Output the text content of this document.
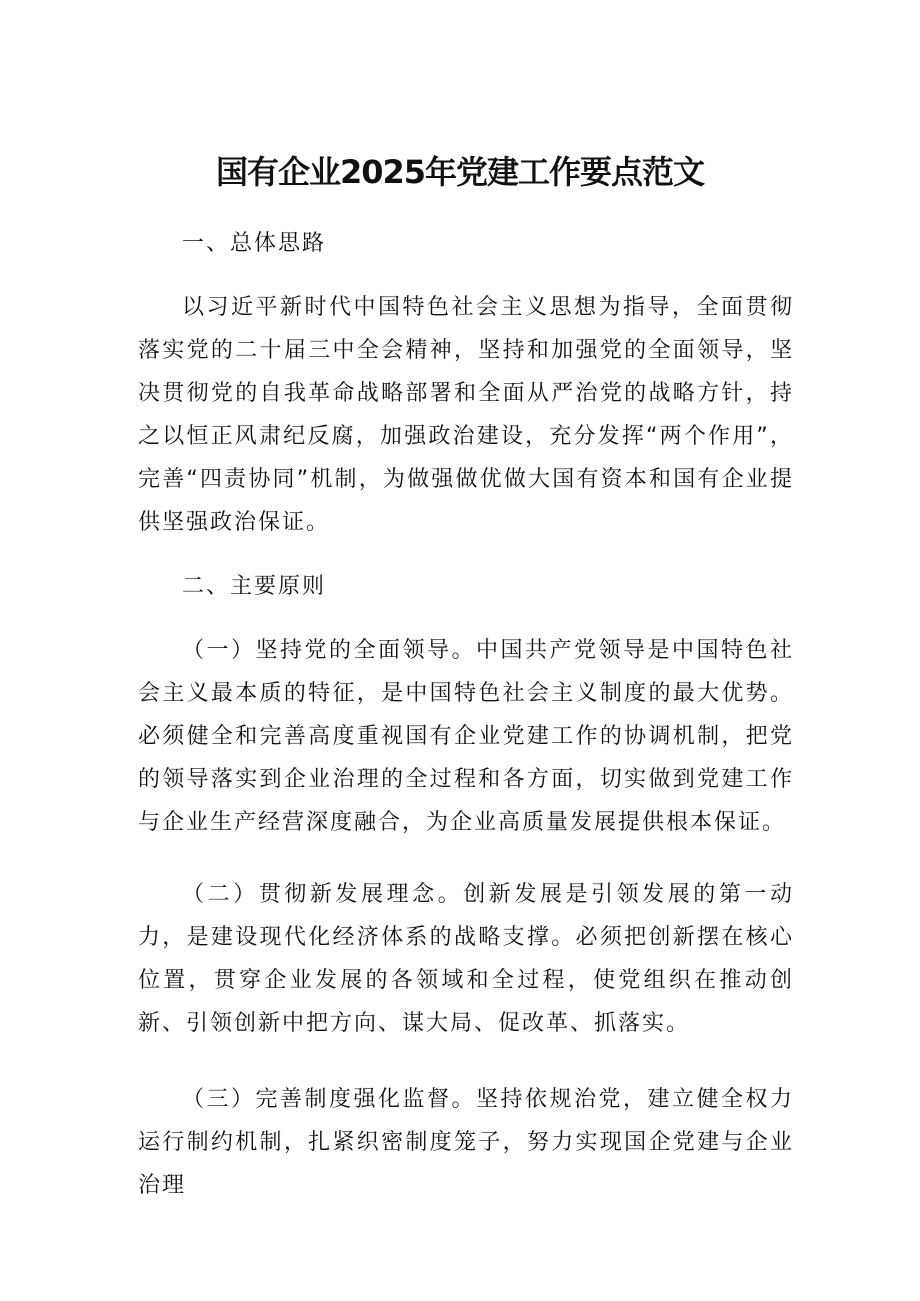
国有企业2025年党建工作要点范文

一、总体思路

以习近平新时代中国特色社会主义思想为指导，全面贯彻落实党的二十届三中全会精神，坚持和加强党的全面领导，坚决贯彻党的自我革命战略部署和全面从严治党的战略方针，持之以恒正风肃纪反腐，加强政治建设，充分发挥“两个作用”，完善“四责协同”机制，为做强做优做大国有资本和国有企业提供坚强政治保证。

二、主要原则

（一）坚持党的全面领导。中国共产党领导是中国特色社会主义最本质的特征，是中国特色社会主义制度的最大优势。必须健全和完善高度重视国有企业党建工作的协调机制，把党的领导落实到企业治理的全过程和各方面，切实做到党建工作与企业生产经营深度融合，为企业高质量发展提供根本保证。

（二）贯彻新发展理念。创新发展是引领发展的第一动力，是建设现代化经济体系的战略支撑。必须把创新摆在核心位置，贯穿企业发展的各领域和全过程，使党组织在推动创新、引领创新中把方向、谋大局、促改革、抓落实。

（三）完善制度强化监督。坚持依规治党，建立健全权力运行制约机制，扎紧织密制度笼子，努力实现国企党建与企业治理
